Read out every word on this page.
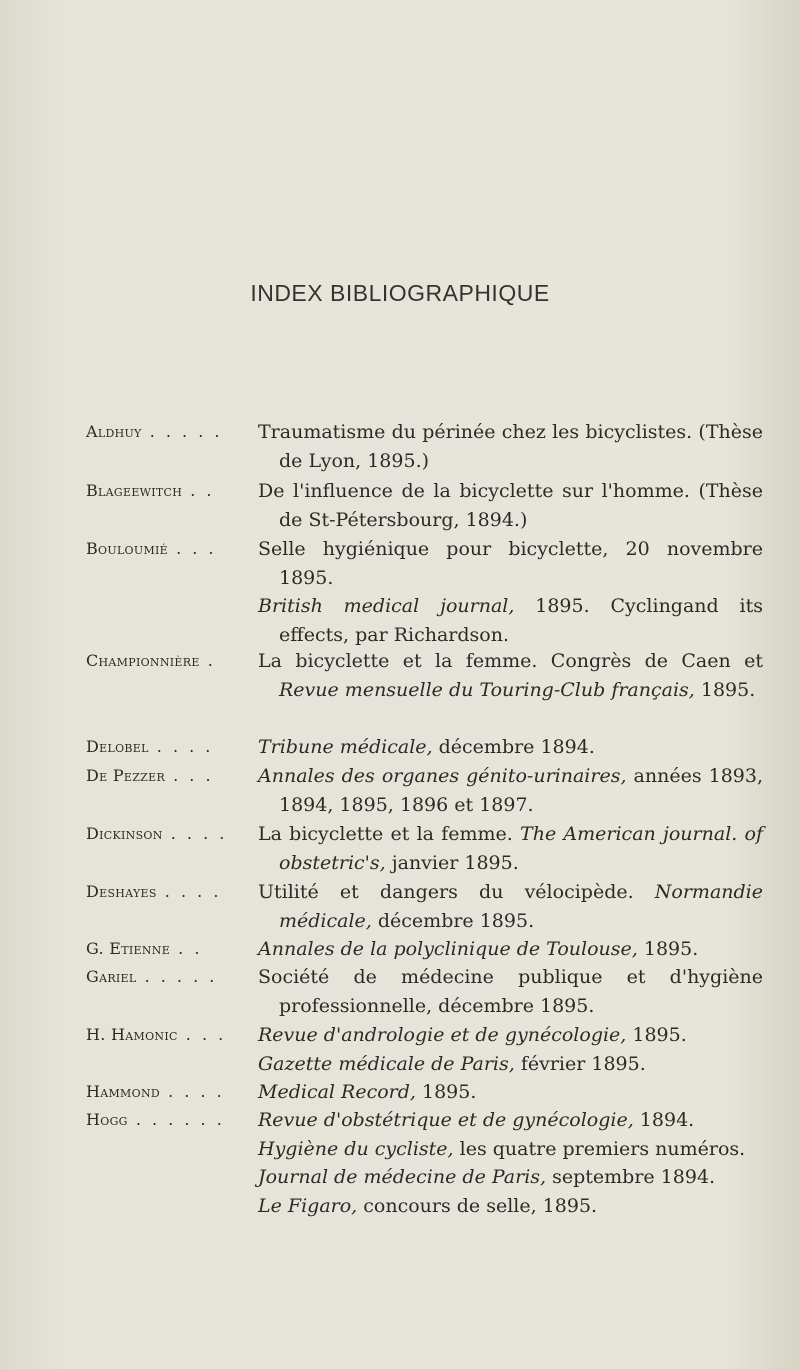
INDEX BIBLIOGRAPHIQUE
Aldhuy . . . . .	Traumatisme du périnée chez les bicyclistes. (Thèse de Lyon, 1895.)

Blageewitch . .	De l'influence de la bicyclette sur l'homme. (Thèse de St-Pétersbourg, 1894.)

Bouloumié . . .	Selle hygiénique pour bicyclette, 20 novembre 1895.

British medical journal, 1895. Cyclingand its effects, par Richardson.

Championnière .	La bicyclette et la femme. Congrès de Caen et Revue mensuelle du Touring-Club français, 1895.

Delobel . . . .	Tribune médicale, décembre 1894.

De Pezzer . . .	Annales des organes génito-urinaires, années 1893, 1894, 1895, 1896 et 1897.

Dickinson . . . .	La bicyclette et la femme. The American journal. of obstetric's, janvier 1895.

Deshayes . . . .	Utilité et dangers du vélocipède. Normandie médicale, décembre 1895.

G. Etienne . .	Annales de la polyclinique de Toulouse, 1895.

Gariel . . . . .	Société de médecine publique et d'hygiène professionnelle, décembre 1895.

H. Hamonic . . .	Revue d'andrologie et de gynécologie, 1895.

Gazette médicale de Paris, février 1895.

Hammond . . . .	Medical Record, 1895.

Hogg . . . . . .	Revue d'obstétrique et de gynécologie, 1894.

Hygiène du cycliste, les quatre premiers numéros.

Journal de médecine de Paris, septembre 1894.

Le Figaro, concours de selle, 1895.
